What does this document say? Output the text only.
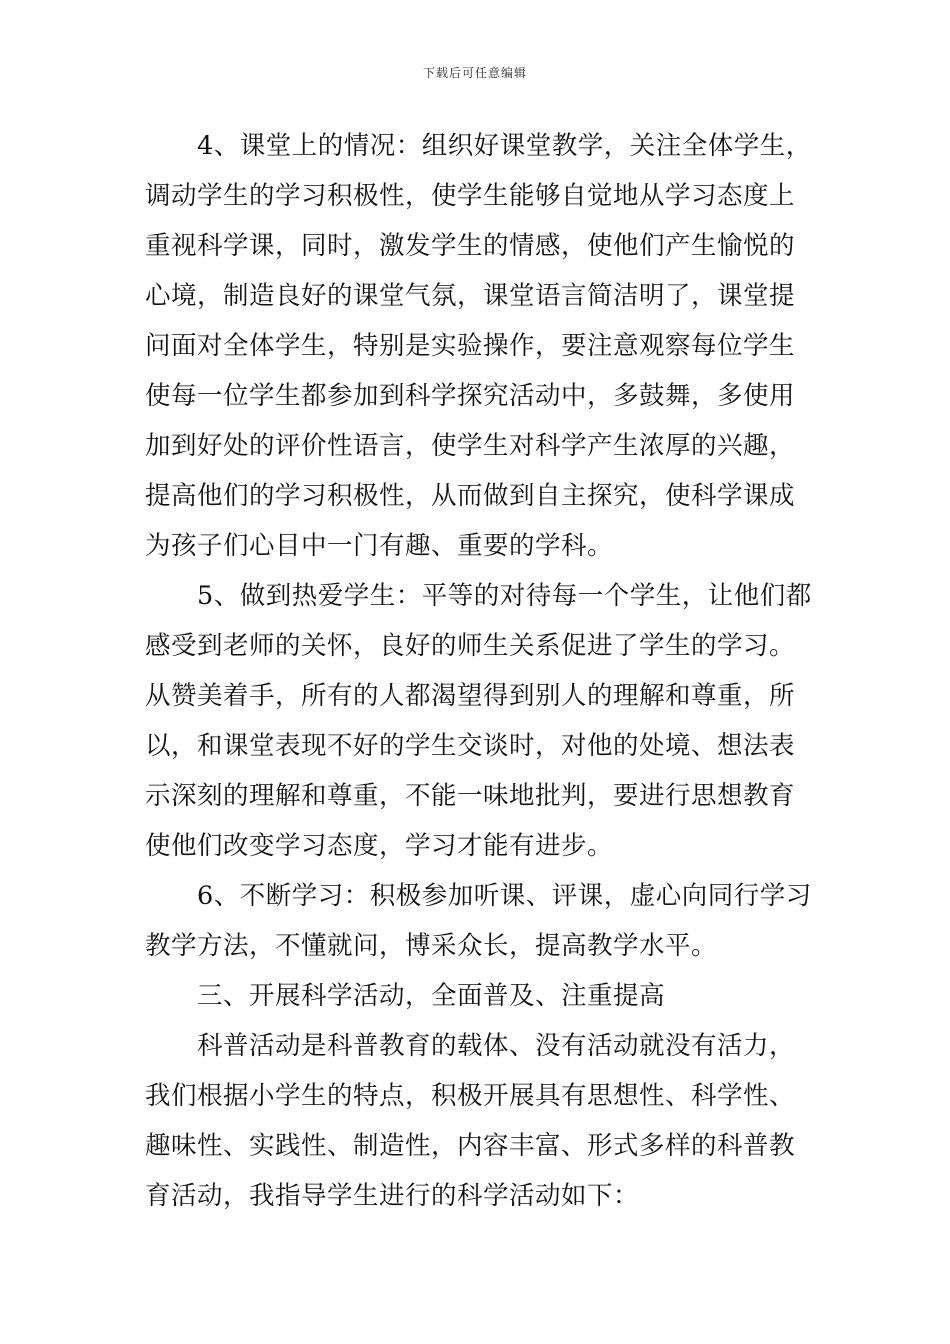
下载后可任意编辑
4、课堂上的情况：组织好课堂教学，关注全体学生，
调动学生的学习积极性，使学生能够自觉地从学习态度上
重视科学课，同时，激发学生的情感，使他们产生愉悦的
心境，制造良好的课堂气氛，课堂语言简洁明了，课堂提
问面对全体学生，特别是实验操作，要注意观察每位学生
使每一位学生都参加到科学探究活动中，多鼓舞，多使用
加到好处的评价性语言，使学生对科学产生浓厚的兴趣，
提高他们的学习积极性，从而做到自主探究，使科学课成
为孩子们心目中一门有趣、重要的学科。
5、做到热爱学生：平等的对待每一个学生，让他们都
感受到老师的关怀，良好的师生关系促进了学生的学习。
从赞美着手，所有的人都渴望得到别人的理解和尊重，所
以，和课堂表现不好的学生交谈时，对他的处境、想法表
示深刻的理解和尊重，不能一味地批判，要进行思想教育
使他们改变学习态度，学习才能有进步。
6、不断学习：积极参加听课、评课，虚心向同行学习
教学方法，不懂就问，博采众长，提高教学水平。
三、开展科学活动，全面普及、注重提高
科普活动是科普教育的载体、没有活动就没有活力，
我们根据小学生的特点，积极开展具有思想性、科学性、
趣味性、实践性、制造性，内容丰富、形式多样的科普教
育活动，我指导学生进行的科学活动如下：
